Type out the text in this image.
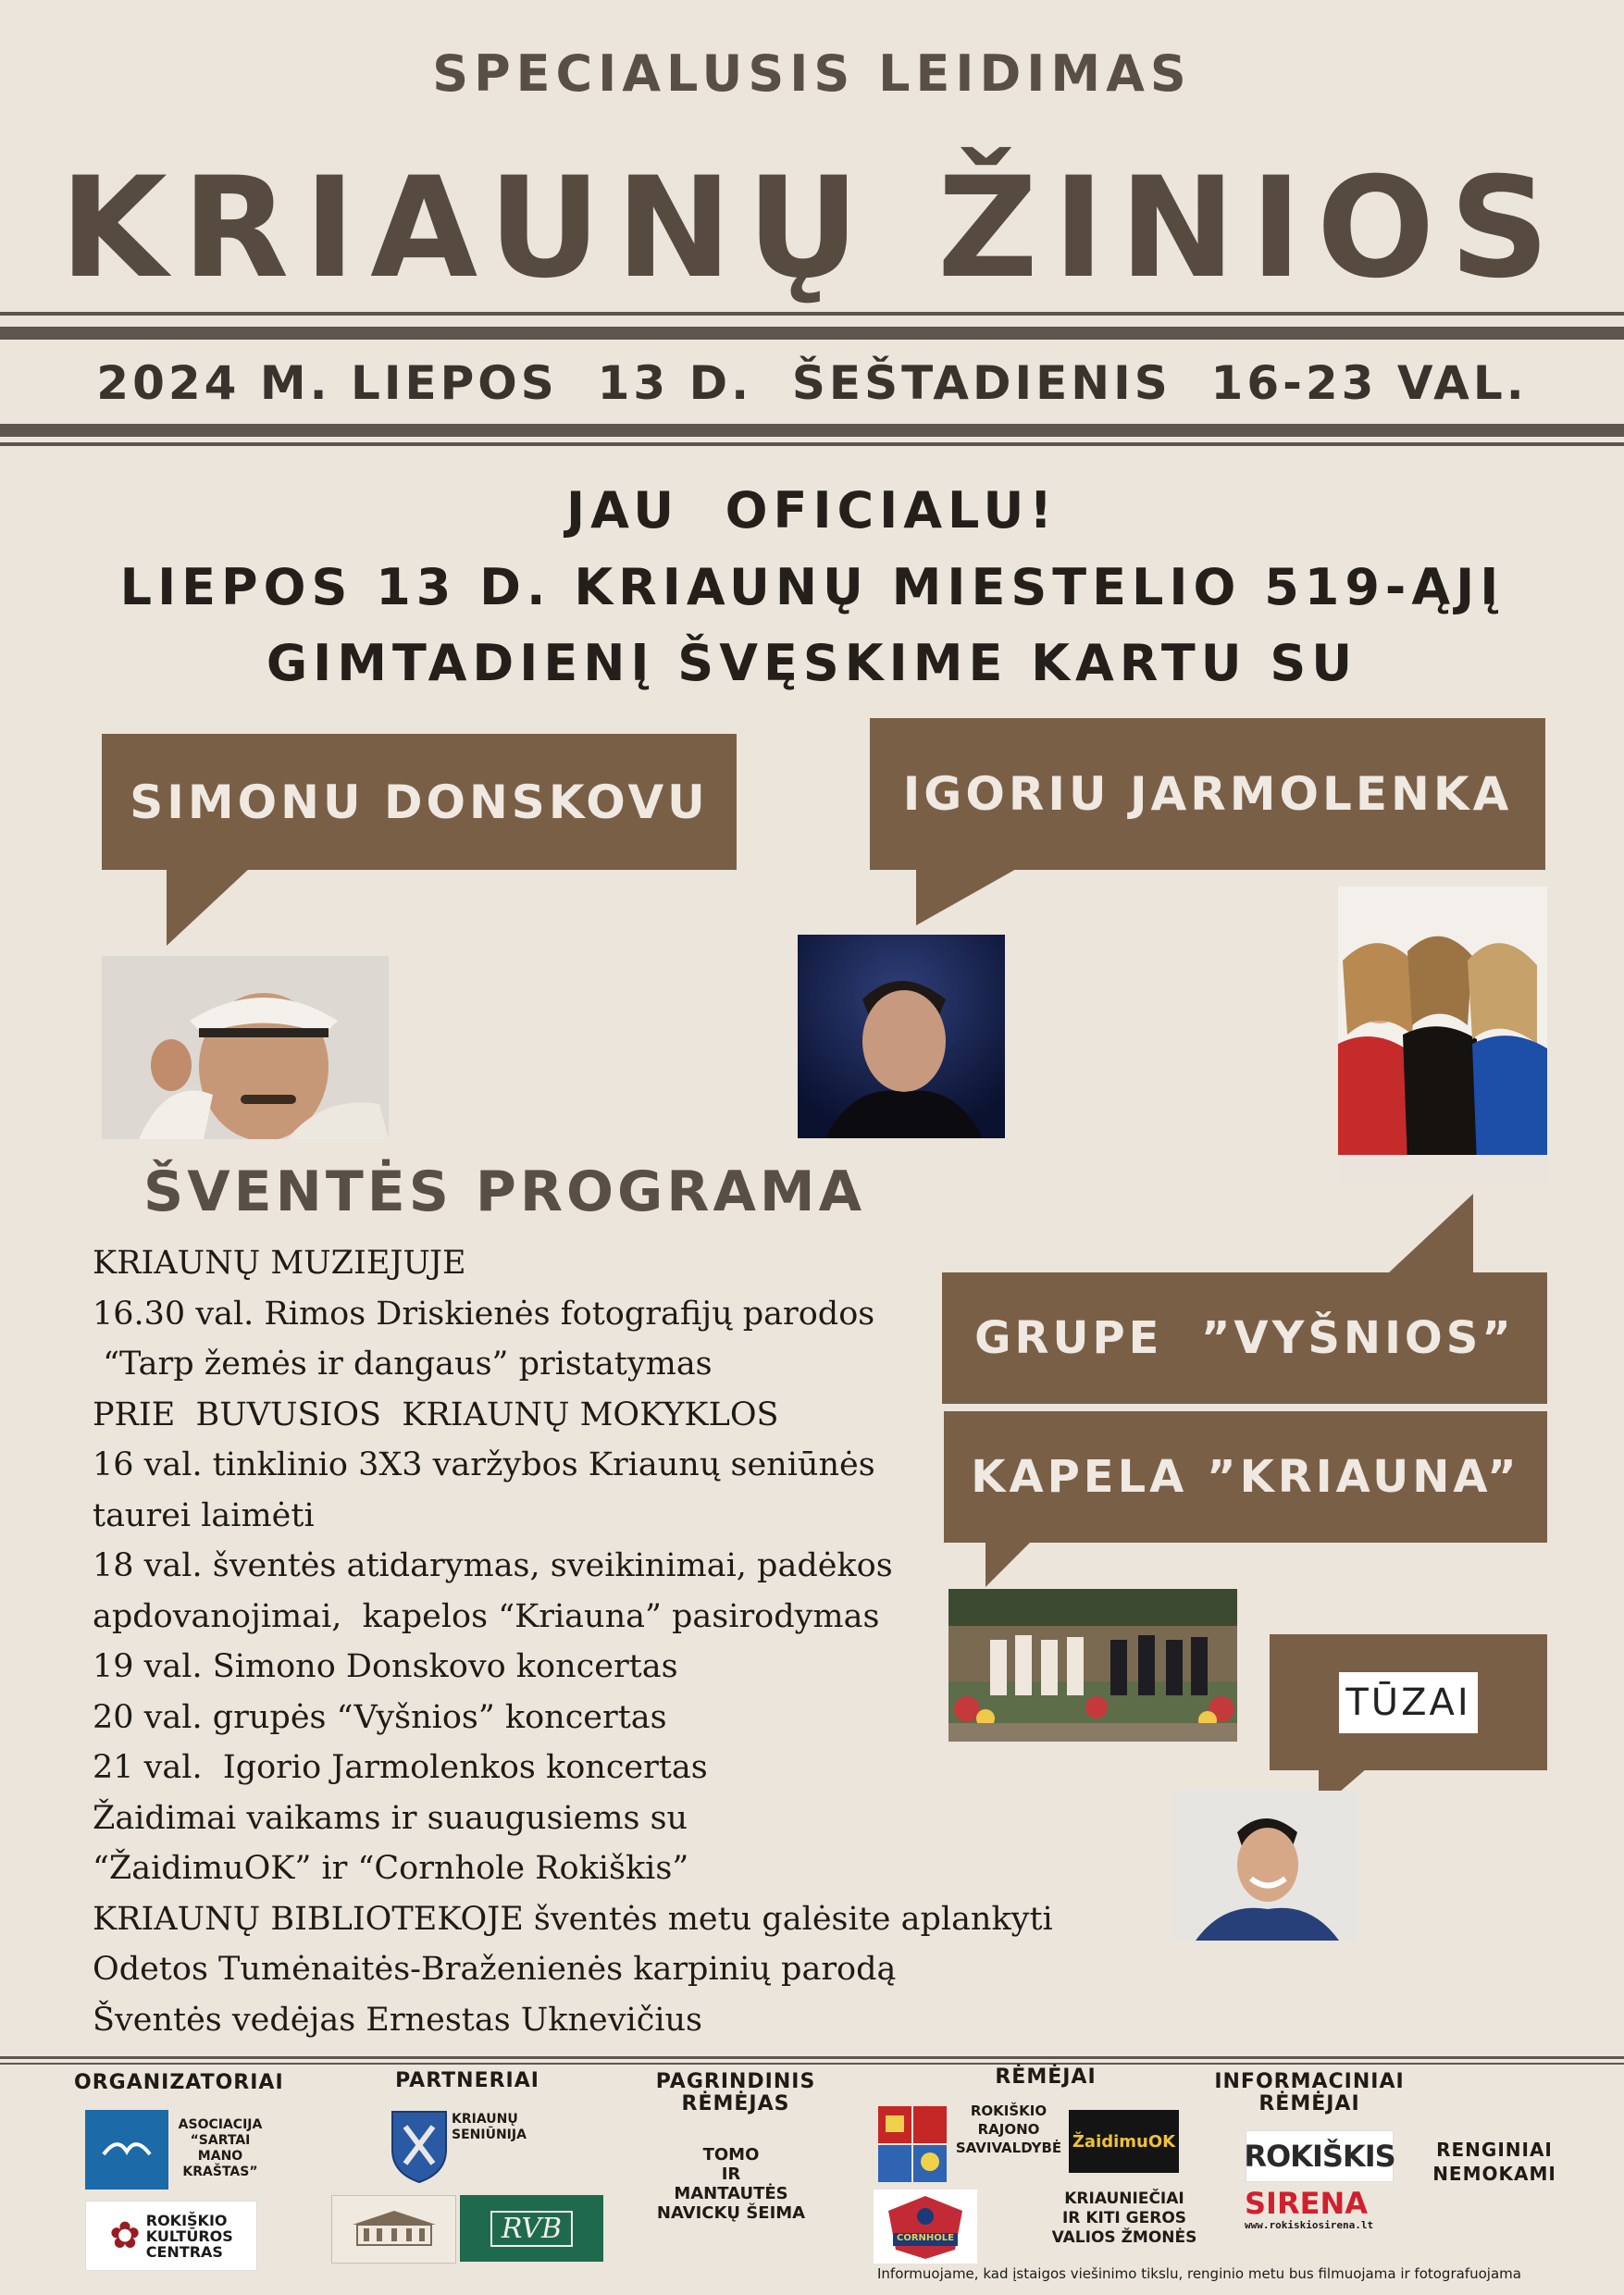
SPECIALUSIS LEIDIMAS
KRIAUNŲ ŽINIOS
2024 M. LIEPOS  13 D.  ŠEŠTADIENIS  16-23 VAL.
JAU  OFICIALU!
LIEPOS 13 D. KRIAUNŲ MIESTELIO 519-ĄJĮ
GIMTADIENĮ ŠVĘSKIME KARTU SU
SIMONU DONSKOVU	IGORIU JARMOLENKA
ŠVENTĖS PROGRAMA
KRIAUNŲ MUZIEJUJE
16.30 val. Rimos Driskienės fotografijų parodos
“Tarp žemės ir dangaus” pristatymas
PRIE  BUVUSIOS  KRIAUNŲ MOKYKLOS
16 val. tinklinio 3X3 varžybos Kriaunų seniūnės
taurei laimėti
18 val. šventės atidarymas, sveikinimai, padėkos
apdovanojimai,  kapelos “Kriauna” pasirodymas
19 val. Simono Donskovo koncertas
20 val. grupės “Vyšnios” koncertas
21 val.  Igorio Jarmolenkos koncertas
Žaidimai vaikams ir suaugusiems su
“ŽaidimuOK” ir “Cornhole Rokiškis”
KRIAUNŲ BIBLIOTEKOJE šventės metu galėsite aplankyti
Odetos Tumėnaitės-Braženienės karpinių parodą
Šventės vedėjas Ernestas Uknevičius
GRUPE  ”VYŠNIOS”
KAPELA ”KRIAUNA”
TŪZAI
ORGANIZATORIAI
ASOCIACIJA
“SARTAI
MANO
KRAŠTAS”
✿ ROKIŠKIO
KULTŪROS
CENTRAS
PARTNERIAI
KRIAUNŲ
SENIŪNIJA
RVB
PAGRINDINIS
RĖMĖJAS
TOMO
IR
MANTAUTĖS
NAVICKŲ ŠEIMA
RĖMĖJAI
ROKIŠKIO
RAJONO
SAVIVALDYBĖ ŽaidimuOK
CORNHOLE
KRIAUNIEČIAI
IR KITI GEROS
VALIOS ŽMONĖS
INFORMACINIAI
RĖMĖJAI
ROKIŠKIS
SIRENA
www.rokiskiosirena.lt
RENGINIAI
NEMOKAMI
Informuojame, kad įstaigos viešinimo tikslu, renginio metu bus filmuojama ir fotografuojama
